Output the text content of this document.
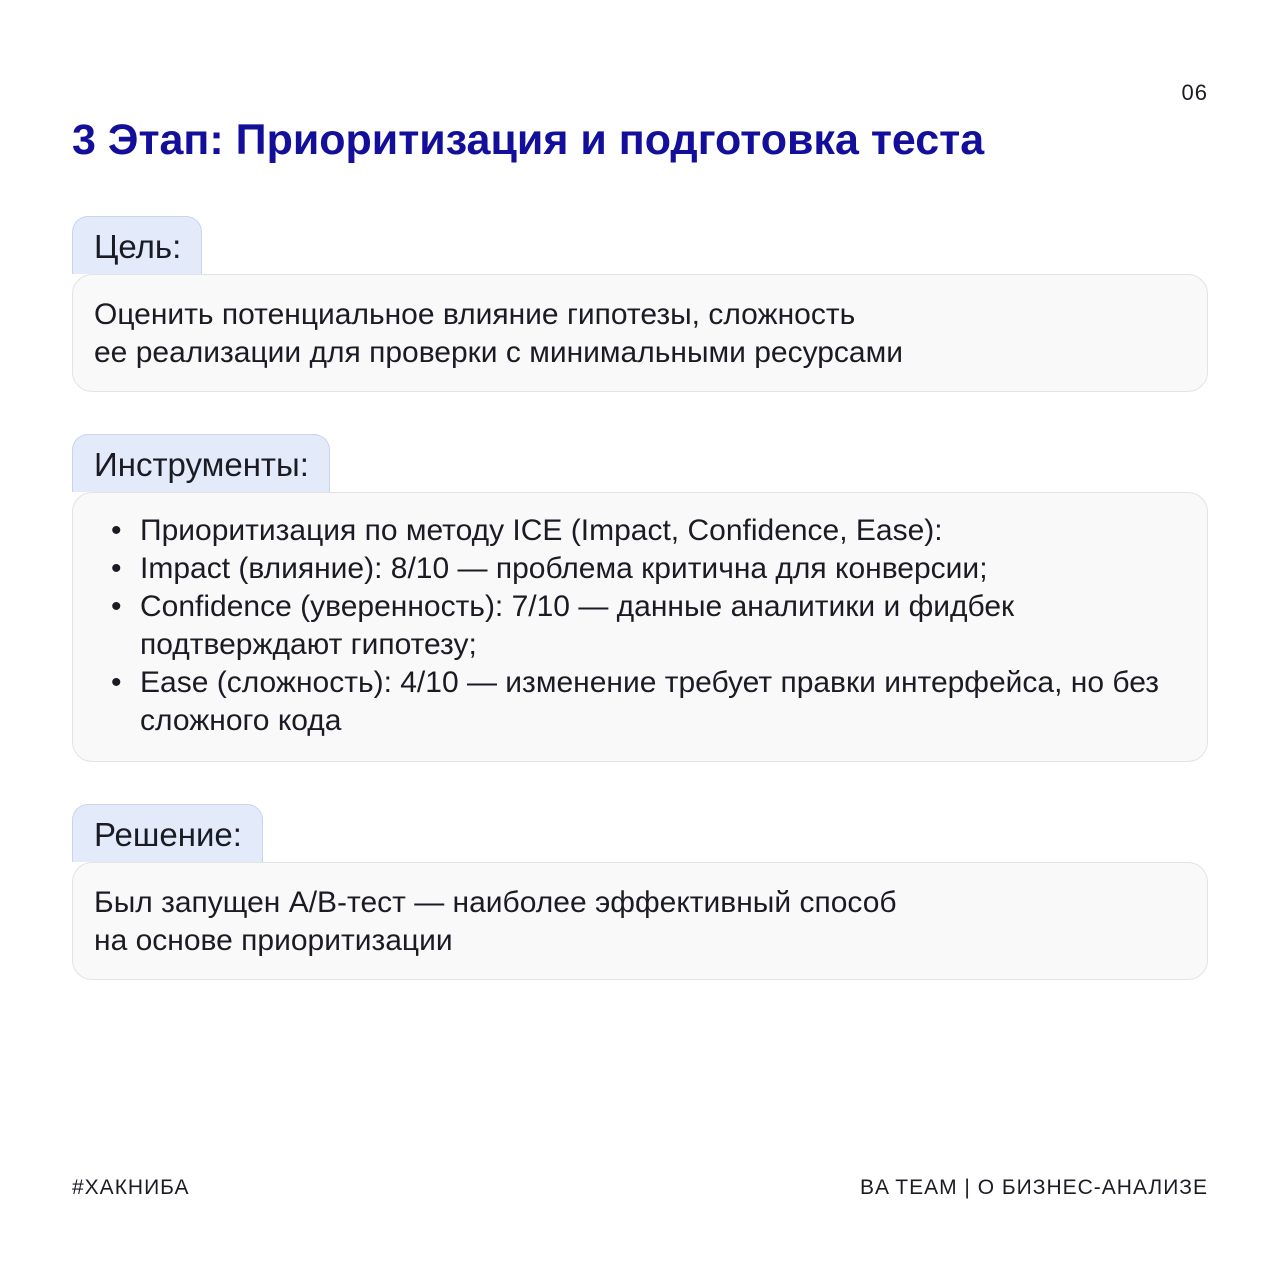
06
3 Этап: Приоритизация и подготовка теста
Цель:

Оценить потенциальное влияние гипотезы, сложность

ее реализации для проверки с минимальными ресурсами

Инструменты:
• Приоритизация по методу ICE (Impact, Confidence, Ease):
• Impact (влияние): 8/10 — проблема критична для конверсии;
• Confidence (уверенность): 7/10 — данные аналитики и фидбек подтверждают гипотезу;
• Ease (сложность): 4/10 — изменение требует правки интерфейса, но без сложного кода
Решение:

Был запущен A/B-тест — наиболее эффективный способ

на основе приоритизации

#ХАКНИБА	BA TEAM | О БИЗНЕС-АНАЛИЗЕ
